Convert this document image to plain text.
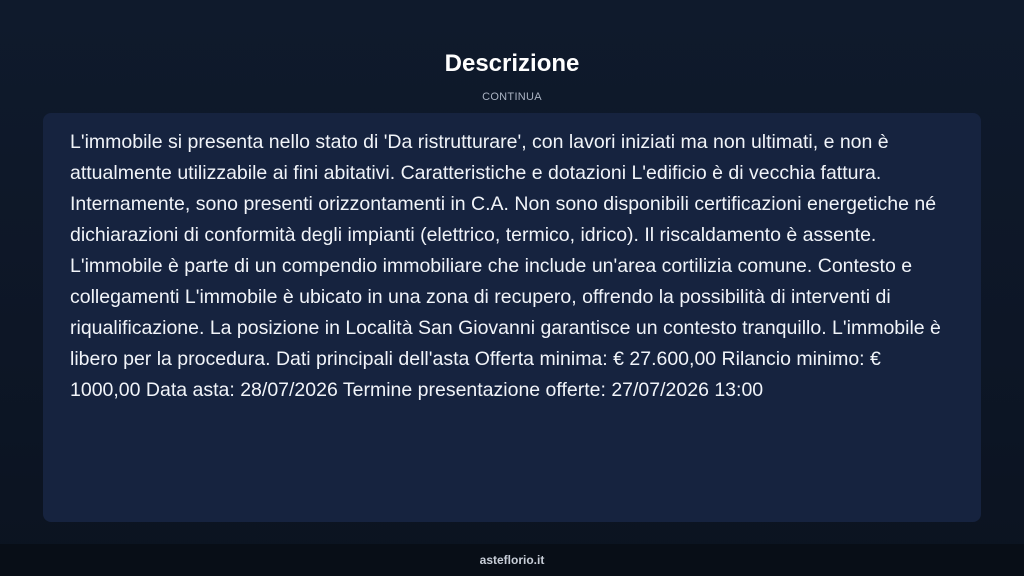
Descrizione
CONTINUA

L'immobile si presenta nello stato di 'Da ristrutturare', con lavori iniziati ma non ultimati, e non è attualmente utilizzabile ai fini abitativi. Caratteristiche e dotazioni L'edificio è di vecchia fattura. Internamente, sono presenti orizzontamenti in C.A. Non sono disponibili certificazioni energetiche né dichiarazioni di conformità degli impianti (elettrico, termico, idrico). Il riscaldamento è assente. L'immobile è parte di un compendio immobiliare che include un'area cortilizia comune. Contesto e collegamenti L'immobile è ubicato in una zona di recupero, offrendo la possibilità di interventi di riqualificazione. La posizione in Località San Giovanni garantisce un contesto tranquillo. L'immobile è libero per la procedura. Dati principali dell'asta Offerta minima: € 27.600,00 Rilancio minimo: € 1000,00 Data asta: 28/07/2026 Termine presentazione offerte: 27/07/2026 13:00

asteflorio.it
